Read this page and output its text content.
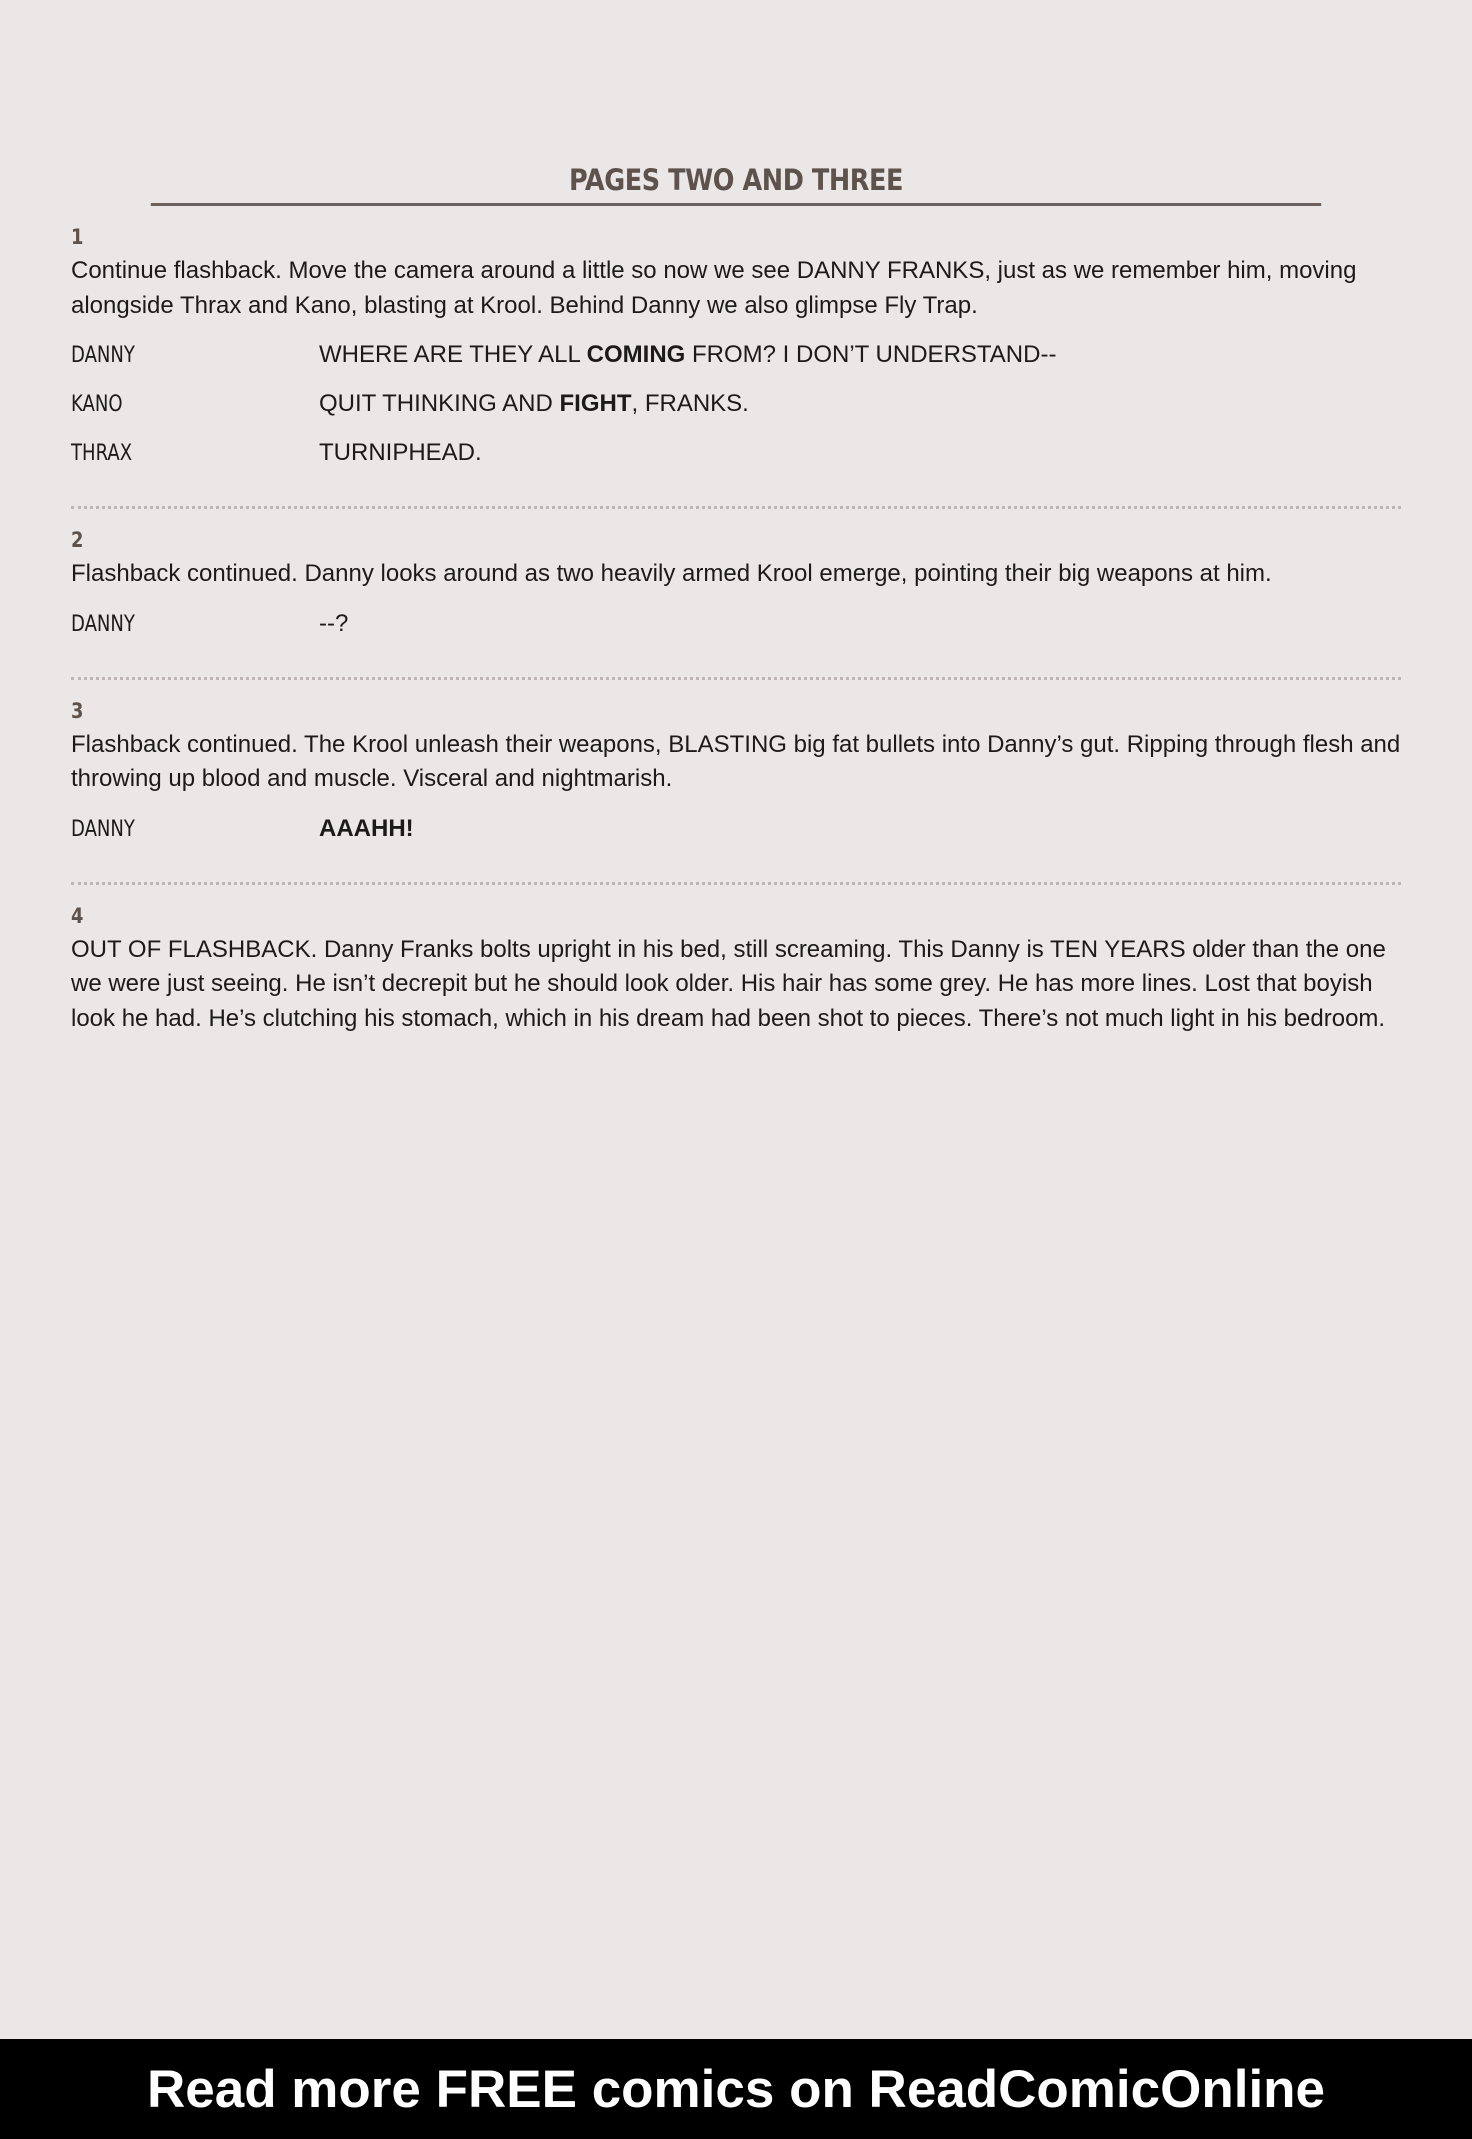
PAGES TWO AND THREE
1
Continue flashback. Move the camera around a little so now we see DANNY FRANKS, just as we remember him, moving alongside Thrax and Kano, blasting at Krool. Behind Danny we also glimpse Fly Trap.
DANNY	WHERE ARE THEY ALL COMING FROM? I DON’T UNDERSTAND--
KANO	QUIT THINKING AND FIGHT, FRANKS.
THRAX	TURNIPHEAD.
2
Flashback continued. Danny looks around as two heavily armed Krool emerge, pointing their big weapons at him.
DANNY	--?
3
Flashback continued. The Krool unleash their weapons, BLASTING big fat bullets into Danny’s gut. Ripping through flesh and throwing up blood and muscle. Visceral and nightmarish.
DANNY	AAAHH!
4
OUT OF FLASHBACK. Danny Franks bolts upright in his bed, still screaming. This Danny is TEN YEARS older than the one we were just seeing. He isn’t decrepit but he should look older. His hair has some grey. He has more lines. Lost that boyish look he had. He’s clutching his stomach, which in his dream had been shot to pieces. There’s not much light in his bedroom.
Read more FREE comics on ReadComicOnline
